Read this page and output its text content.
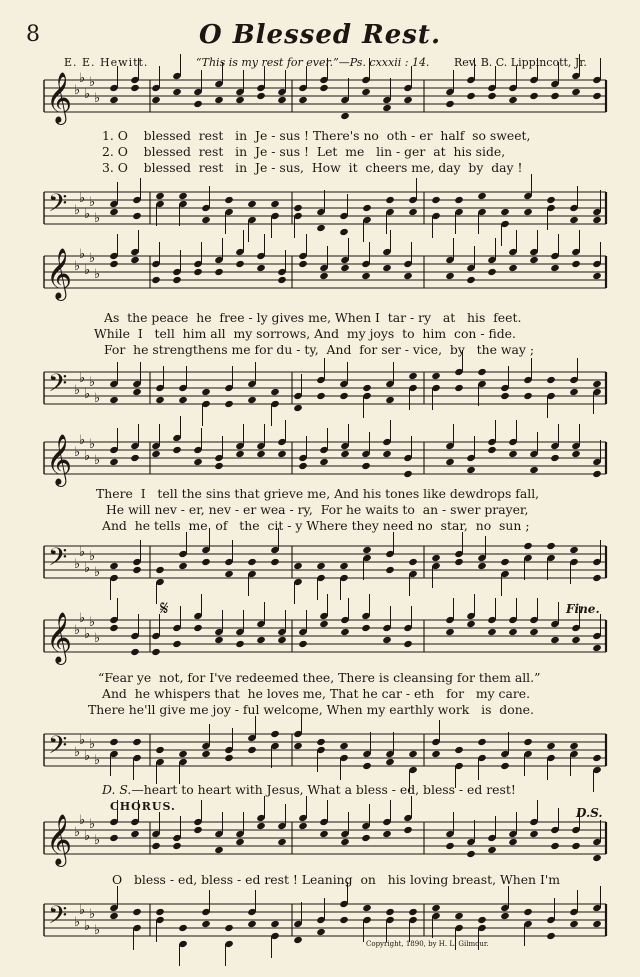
8	O Blessed Rest.
E. E. Hewitt.	“This is my rest for ever.”—Ps. cxxxii : 14. Rev. B. C. Lippincott, Jr.
𝄞 ♭
♭
♭
♭
♭
1. O    blessed  rest   in  Je - sus ! There's no  oth - er  half  so sweet,
2. O    blessed  rest   in  Je - sus !  Let  me   lin - ger  at  his side,
3. O    blessed  rest   in  Je - sus,  How  it  cheers me, day  by  day !
𝄢 ♭
♭
♭
♭
♭
𝄞 ♭
♭
♭
♭
♭
As  the peace  he  free - ly gives me, When I  tar - ry   at   his  feet.
While  I   tell  him all  my sorrows, And  my joys  to  him  con - fide.
For  he strengthens me for du - ty,  And  for ser - vice,  by   the way ;
𝄢 ♭
♭
♭
♭
♭
𝄞 ♭
♭
♭
♭
♭
There  I   tell the sins that grieve me, And his tones like dewdrops fall,
He will nev - er, nev - er wea - ry,  For he waits to  an - swer prayer,
And  he tells  me  of   the  cit - y Where they need no  star,  no  sun ;
𝄢 ♭
♭
♭
♭
♭
𝄋	Fine.
𝄞 ♭
♭
♭
♭
♭
“Fear ye  not, for I've redeemed thee, There is cleansing for them all.”
And  he whispers that  he loves me, That he car - eth   for   my care.
There he'll give me joy - ful welcome, When my earthly work   is  done.
𝄢 ♭
♭
♭
♭
♭
D. S.—heart to heart with Jesus, What a bless - ed, bless - ed rest!
CHORUS.	D.S.
𝄞 ♭
♭
♭
♭
♭
O   bless - ed, bless - ed rest ! Leaning  on   his loving breast, When I'm
𝄢 ♭
♭
♭
♭
♭
Copyright, 1890, by H. L. Gilmour.
